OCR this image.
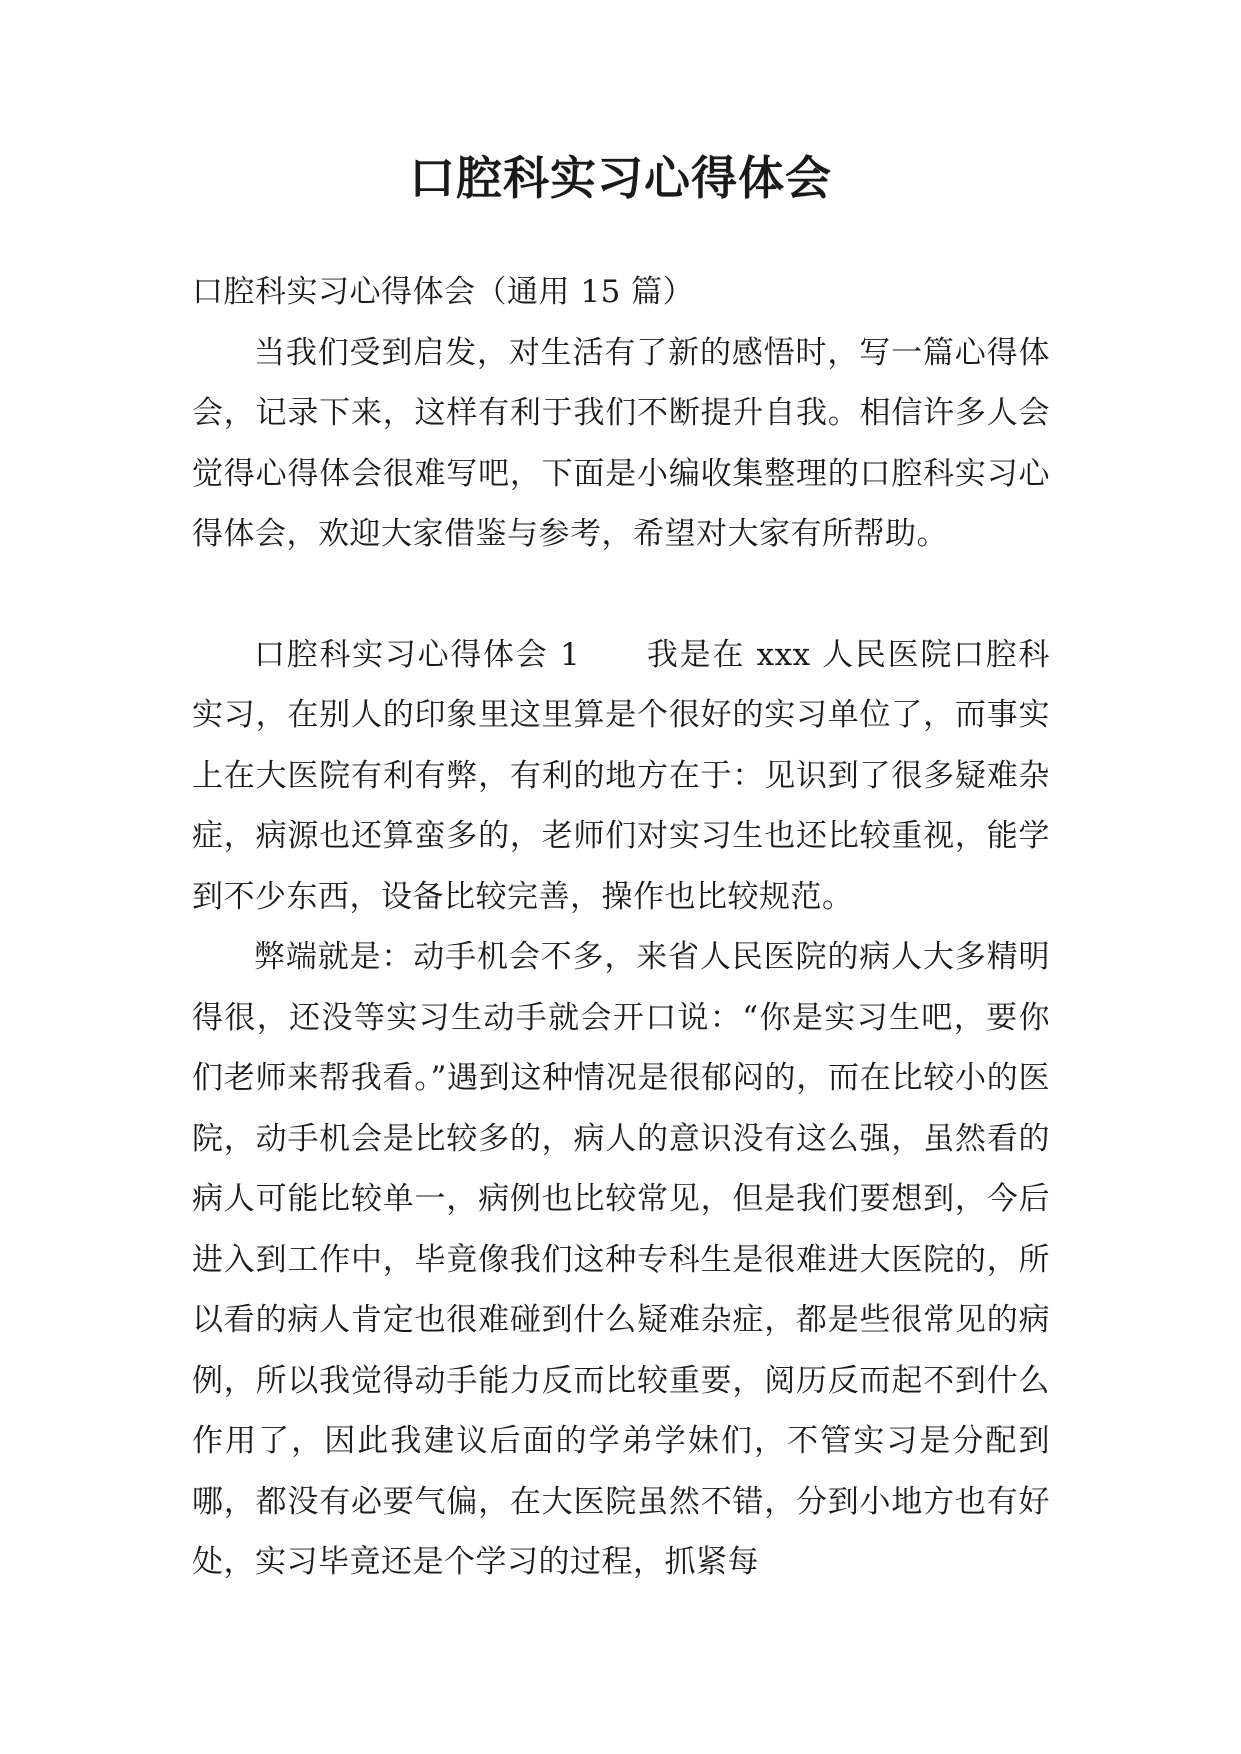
口腔科实习心得体会

口腔科实习心得体会（通用 15 篇）

当我们受到启发，对生活有了新的感悟时，写一篇心得体会，记录下来，这样有利于我们不断提升自我。相信许多人会觉得心得体会很难写吧，下面是小编收集整理的口腔科实习心得体会，欢迎大家借鉴与参考，希望对大家有所帮助。

口腔科实习心得体会 1　　我是在 xxx 人民医院口腔科实习，在别人的印象里这里算是个很好的实习单位了，而事实上在大医院有利有弊，有利的地方在于：见识到了很多疑难杂症，病源也还算蛮多的，老师们对实习生也还比较重视，能学到不少东西，设备比较完善，操作也比较规范。

弊端就是：动手机会不多，来省人民医院的病人大多精明得很，还没等实习生动手就会开口说：“你是实习生吧，要你们老师来帮我看。”遇到这种情况是很郁闷的，而在比较小的医院，动手机会是比较多的，病人的意识没有这么强，虽然看的病人可能比较单一，病例也比较常见，但是我们要想到，今后进入到工作中，毕竟像我们这种专科生是很难进大医院的，所以看的病人肯定也很难碰到什么疑难杂症，都是些很常见的病例，所以我觉得动手能力反而比较重要，阅历反而起不到什么作用了，因此我建议后面的学弟学妹们，不管实习是分配到哪，都没有必要气偏，在大医院虽然不错，分到小地方也有好处，实习毕竟还是个学习的过程，抓紧每
